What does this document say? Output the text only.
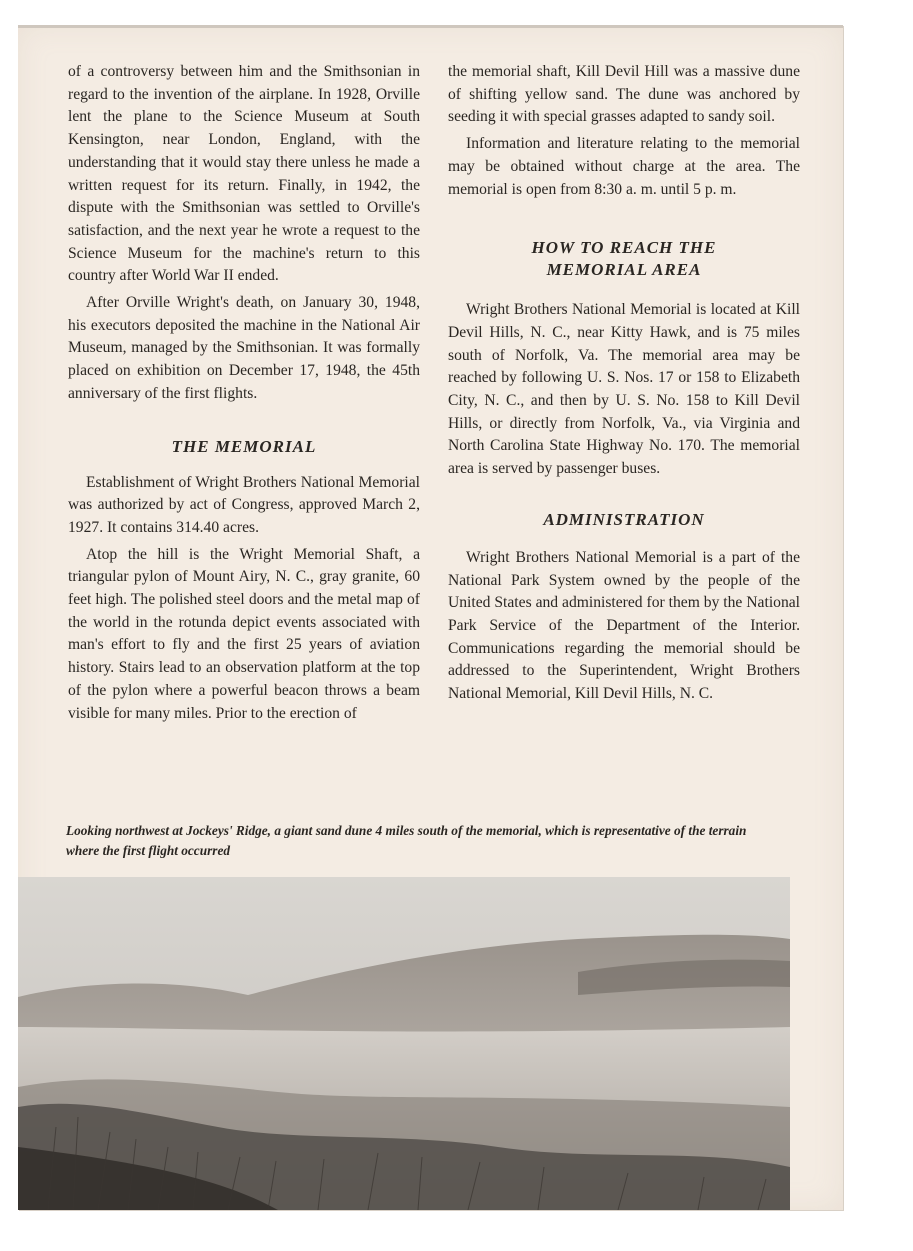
of a controversy between him and the Smithsonian in regard to the invention of the airplane. In 1928, Orville lent the plane to the Science Museum at South Kensington, near London, England, with the understanding that it would stay there unless he made a written request for its return. Finally, in 1942, the dispute with the Smithsonian was settled to Orville's satisfaction, and the next year he wrote a request to the Science Museum for the machine's return to this country after World War II ended.

After Orville Wright's death, on January 30, 1948, his executors deposited the machine in the National Air Museum, managed by the Smithsonian. It was formally placed on exhibition on December 17, 1948, the 45th anniversary of the first flights.

THE MEMORIAL

Establishment of Wright Brothers National Memorial was authorized by act of Congress, approved March 2, 1927. It contains 314.40 acres.

Atop the hill is the Wright Memorial Shaft, a triangular pylon of Mount Airy, N. C., gray granite, 60 feet high. The polished steel doors and the metal map of the world in the rotunda depict events associated with man's effort to fly and the first 25 years of aviation history. Stairs lead to an observation platform at the top of the pylon where a powerful beacon throws a beam visible for many miles. Prior to the erection of

the memorial shaft, Kill Devil Hill was a massive dune of shifting yellow sand. The dune was anchored by seeding it with special grasses adapted to sandy soil.

Information and literature relating to the memorial may be obtained without charge at the area. The memorial is open from 8:30 a. m. until 5 p. m.

HOW TO REACH THE
MEMORIAL AREA

Wright Brothers National Memorial is located at Kill Devil Hills, N. C., near Kitty Hawk, and is 75 miles south of Norfolk, Va. The memorial area may be reached by following U. S. Nos. 17 or 158 to Elizabeth City, N. C., and then by U. S. No. 158 to Kill Devil Hills, or directly from Norfolk, Va., via Virginia and North Carolina State Highway No. 170. The memorial area is served by passenger buses.

ADMINISTRATION

Wright Brothers National Memorial is a part of the National Park System owned by the people of the United States and administered for them by the National Park Service of the Department of the Interior. Communications regarding the memorial should be addressed to the Superintendent, Wright Brothers National Memorial, Kill Devil Hills, N. C.

Looking northwest at Jockeys' Ridge, a giant sand dune 4 miles south of the memorial, which is representative of the terrain where the first flight occurred
